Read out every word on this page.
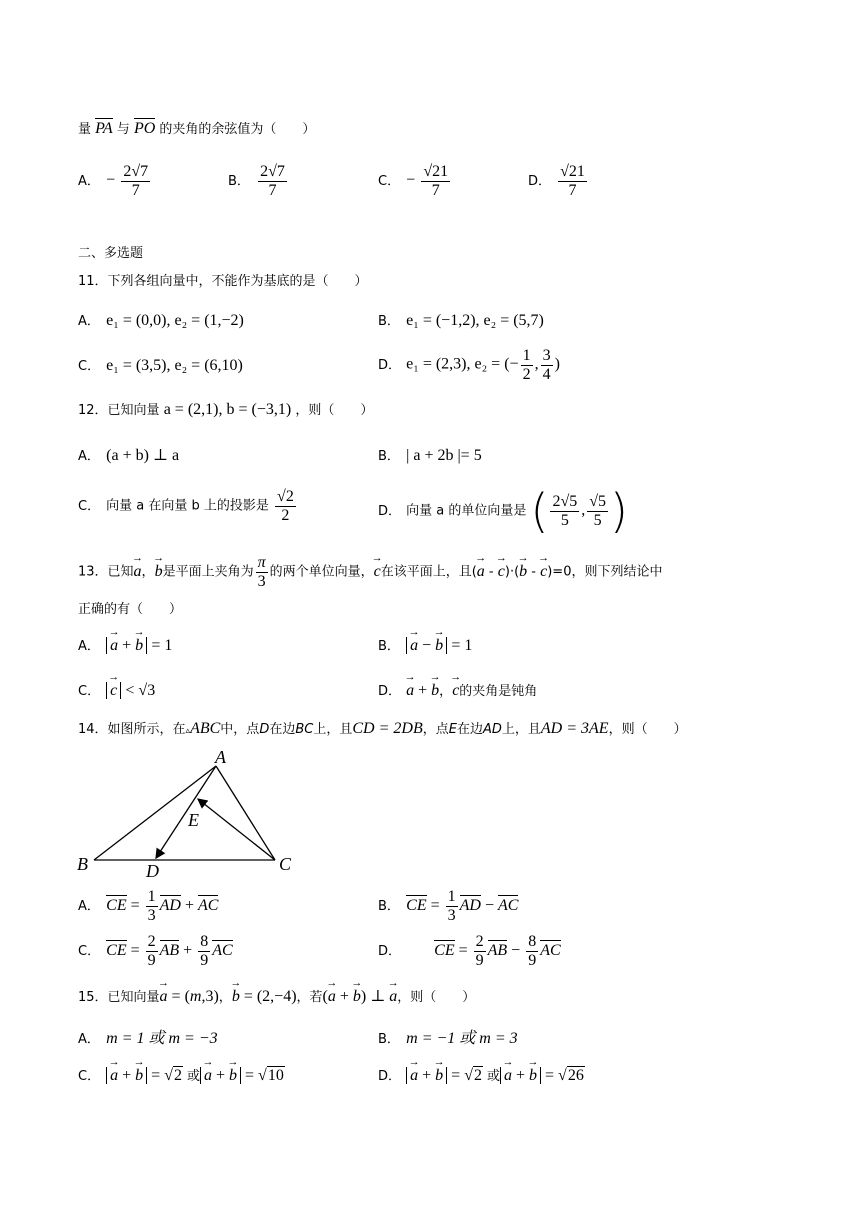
量 PA 与 PO 的夹角的余弦值为（　　）
A． − $\frac{2√7}{7}$	B． $\frac{2√7}{7}$	C． − $\frac{√21}{7}$	D． $\frac{√21}{7}$
二、多选题
11．下列各组向量中，不能作为基底的是（　　）
A． e₁ = (0,0), e₂ = (1,−2)	B． e₁ = (−1,2), e₂ = (5,7)
C． e₁ = (3,5), e₂ = (6,10)	D． e₁ = (2,3), e₂ = (− $\frac{1}{2}$ , $\frac{3}{4}$ )
12．已知向量 a = (2,1), b = (−3,1) ，则（　　）
A． (a + b) ⊥ a	B． | a + 2b |= 5
C． 向量 a 在向量 b 上的投影是 $\frac{√2}{2}$	D． 向量 a 的单位向量是 ( $\frac{2√5}{5}$ , $\frac{√5}{5}$ )
13．已知→ a，→ b是平面上夹角为 $\frac{\pi}{3}$ 的两个单位向量，→ c在该平面上，且(→ a - → c)·(→ b - → c)=0，则下列结论中
正确的有（　　）
A． → a + → b = 1	B． → a − → b = 1
C． → c < √3	D． → a + → b，→ c的夹角是钝角
14．如图所示，在▵ABC中，点D在边BC上，且CD = 2DB，点E在边AD上，且AD = 3AE，则（　　）
A
B	C
D
E
A． CE = $\frac{1}{3}$ AD + AC	B． CE = $\frac{1}{3}$ AD − AC
C． CE = $\frac{2}{9}$ AB + $\frac{8}{9}$ AC	D． CE = $\frac{2}{9}$ AB − $\frac{8}{9}$ AC
15．已知向量→ a = (m,3)，→ b = (2,−4)，若(→ a + → b) ⊥ → a，则（　　）
A． m = 1 或 m = −3	B． m = −1 或 m = 3
C． → a + → b = √2 或 → a + → b = √10	D． → a + → b = √2 或 → a + → b = √26
